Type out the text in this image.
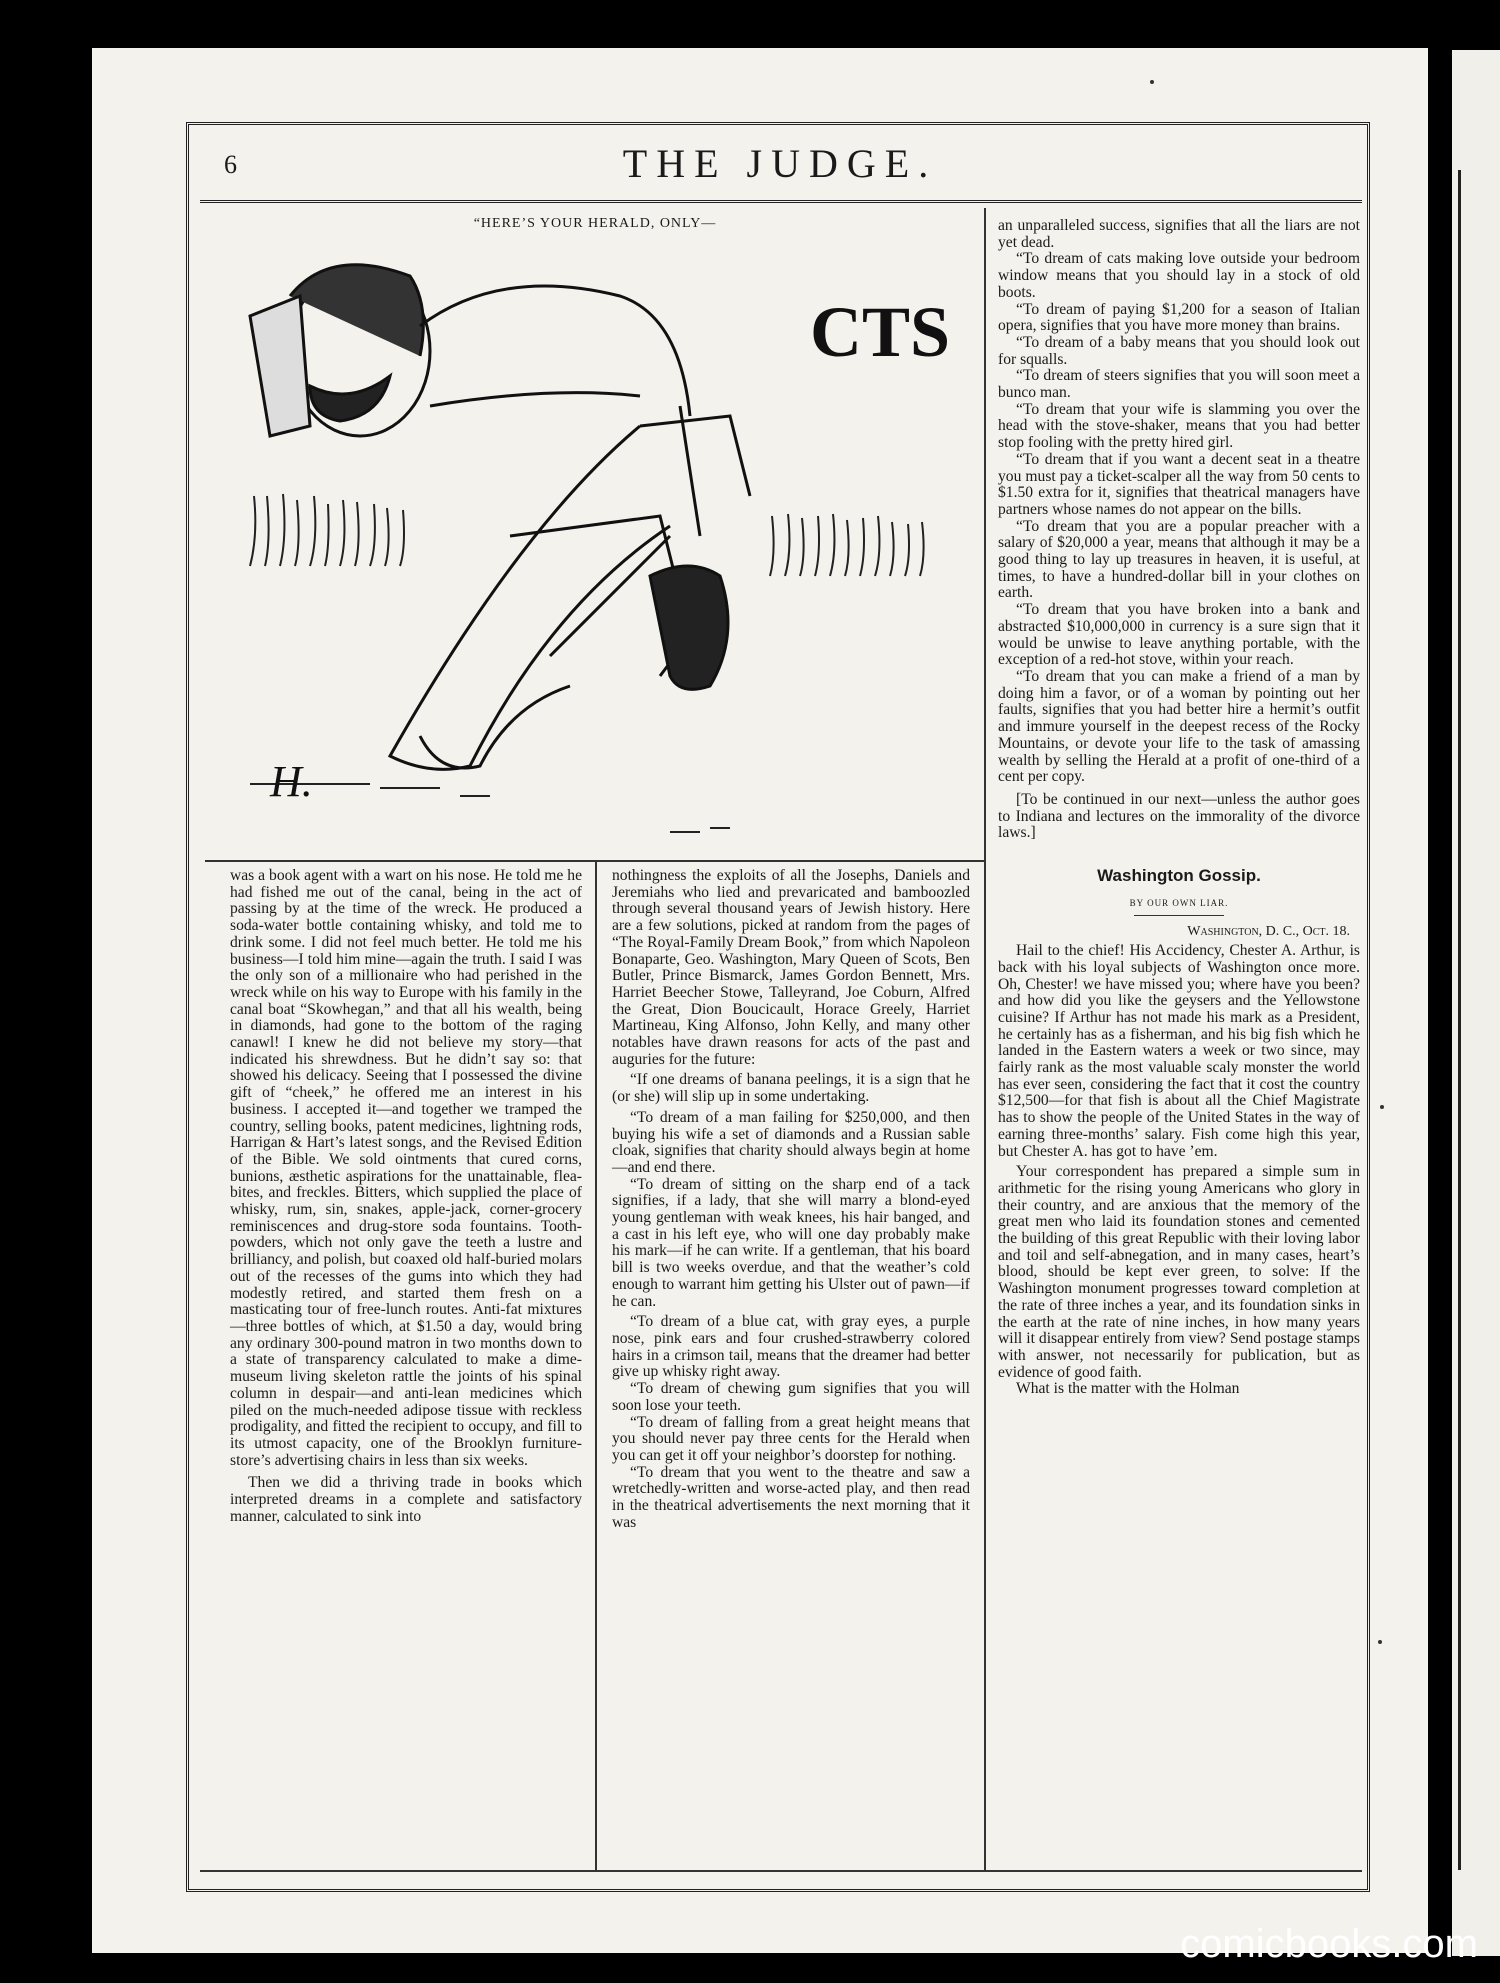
6	THE JUDGE.
“HERE’S YOUR HERALD, ONLY—
CTS
H.

was a book agent with a wart on his nose. He told me he had fished me out of the canal, being in the act of passing by at the time of the wreck. He produced a soda-water bottle containing whisky, and told me to drink some. I did not feel much better. He told me his business—I told him mine—again the truth. I said I was the only son of a millionaire who had perished in the wreck while on his way to Europe with his family in the canal boat “Skowhegan,” and that all his wealth, being in diamonds, had gone to the bottom of the raging canawl! I knew he did not believe my story—that indicated his shrewdness. But he didn’t say so: that showed his delicacy. Seeing that I possessed the divine gift of “cheek,” he offered me an interest in his business. I accepted it—and together we tramped the country, selling books, patent medicines, lightning rods, Harrigan & Hart’s latest songs, and the Revised Edition of the Bible. We sold ointments that cured corns, bunions, æsthetic aspirations for the unattainable, flea-bites, and freckles. Bitters, which supplied the place of whisky, rum, sin, snakes, apple-jack, corner-grocery reminiscences and drug-store soda fountains. Tooth-powders, which not only gave the teeth a lustre and brilliancy, and polish, but coaxed old half-buried molars out of the recesses of the gums into which they had modestly retired, and started them fresh on a masticating tour of free-lunch routes. Anti-fat mixtures—three bottles of which, at $1.50 a day, would bring any ordinary 300-pound matron in two months down to a state of transparency calculated to make a dime-museum living skeleton rattle the joints of his spinal column in despair—and anti-lean medicines which piled on the much-needed adipose tissue with reckless prodigality, and fitted the recipient to occupy, and fill to its utmost capacity, one of the Brooklyn furniture-store’s advertising chairs in less than six weeks.

Then we did a thriving trade in books which interpreted dreams in a complete and satisfactory manner, calculated to sink into

nothingness the exploits of all the Josephs, Daniels and Jeremiahs who lied and prevaricated and bamboozled through several thousand years of Jewish history. Here are a few solutions, picked at random from the pages of “The Royal-Family Dream Book,” from which Napoleon Bonaparte, Geo. Washington, Mary Queen of Scots, Ben Butler, Prince Bismarck, James Gordon Bennett, Mrs. Harriet Beecher Stowe, Talleyrand, Joe Coburn, Alfred the Great, Dion Boucicault, Horace Greely, Harriet Martineau, King Alfonso, John Kelly, and many other notables have drawn reasons for acts of the past and auguries for the future:

“If one dreams of banana peelings, it is a sign that he (or she) will slip up in some undertaking.

“To dream of a man failing for $250,000, and then buying his wife a set of diamonds and a Russian sable cloak, signifies that charity should always begin at home—and end there.

“To dream of sitting on the sharp end of a tack signifies, if a lady, that she will marry a blond-eyed young gentleman with weak knees, his hair banged, and a cast in his left eye, who will one day probably make his mark—if he can write. If a gentleman, that his board bill is two weeks overdue, and that the weather’s cold enough to warrant him getting his Ulster out of pawn—if he can.

“To dream of a blue cat, with gray eyes, a purple nose, pink ears and four crushed-strawberry colored hairs in a crimson tail, means that the dreamer had better give up whisky right away.

“To dream of chewing gum signifies that you will soon lose your teeth.

“To dream of falling from a great height means that you should never pay three cents for the Herald when you can get it off your neighbor’s doorstep for nothing.

“To dream that you went to the theatre and saw a wretchedly-written and worse-acted play, and then read in the theatrical advertisements the next morning that it was

an unparalleled success, signifies that all the liars are not yet dead.

“To dream of cats making love outside your bedroom window means that you should lay in a stock of old boots.

“To dream of paying $1,200 for a season of Italian opera, signifies that you have more money than brains.

“To dream of a baby means that you should look out for squalls.

“To dream of steers signifies that you will soon meet a bunco man.

“To dream that your wife is slamming you over the head with the stove-shaker, means that you had better stop fooling with the pretty hired girl.

“To dream that if you want a decent seat in a theatre you must pay a ticket-scalper all the way from 50 cents to $1.50 extra for it, signifies that theatrical managers have partners whose names do not appear on the bills.

“To dream that you are a popular preacher with a salary of $20,000 a year, means that although it may be a good thing to lay up treasures in heaven, it is useful, at times, to have a hundred-dollar bill in your clothes on earth.

“To dream that you have broken into a bank and abstracted $10,000,000 in currency is a sure sign that it would be unwise to leave anything portable, with the exception of a red-hot stove, within your reach.

“To dream that you can make a friend of a man by doing him a favor, or of a woman by pointing out her faults, signifies that you had better hire a hermit’s outfit and immure yourself in the deepest recess of the Rocky Mountains, or devote your life to the task of amassing wealth by selling the Herald at a profit of one-third of a cent per copy.

[To be continued in our next—unless the author goes to Indiana and lectures on the immorality of the divorce laws.]

Washington Gossip.
BY OUR OWN LIAR.
Washington, D. C., Oct. 18.

Hail to the chief! His Accidency, Chester A. Arthur, is back with his loyal subjects of Washington once more. Oh, Chester! we have missed you; where have you been? and how did you like the geysers and the Yellowstone cuisine? If Arthur has not made his mark as a President, he certainly has as a fisherman, and his big fish which he landed in the Eastern waters a week or two since, may fairly rank as the most valuable scaly monster the world has ever seen, considering the fact that it cost the country $12,500—for that fish is about all the Chief Magistrate has to show the people of the United States in the way of earning three-months’ salary. Fish come high this year, but Chester A. has got to have ’em.

Your correspondent has prepared a simple sum in arithmetic for the rising young Americans who glory in their country, and are anxious that the memory of the great men who laid its foundation stones and cemented the building of this great Republic with their loving labor and toil and self-abnegation, and in many cases, heart’s blood, should be kept ever green, to solve: If the Washington monument progresses toward completion at the rate of three inches a year, and its foundation sinks in the earth at the rate of nine inches, in how many years will it disappear entirely from view? Send postage stamps with answer, not necessarily for publication, but as evidence of good faith.

What is the matter with the Holman

comicbooks.com
